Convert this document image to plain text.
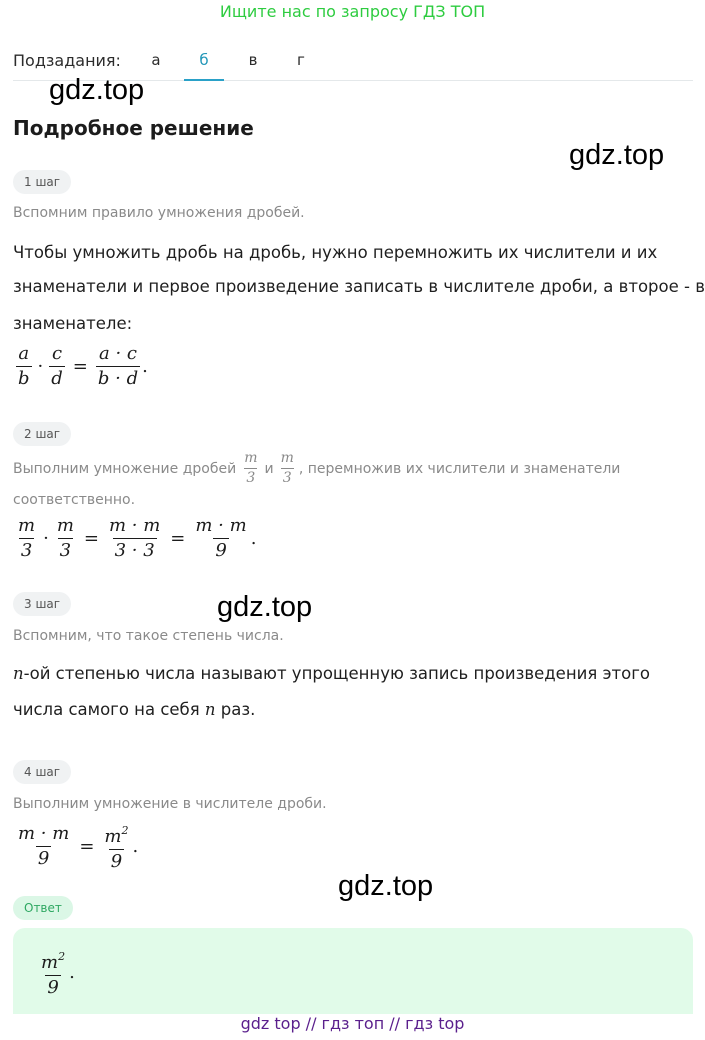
Ищите нас по запросу ГДЗ ТОП
Подзадания:	а	б	в	г
gdz.top
gdz.top
gdz.top
gdz.top
Подробное решение
1 шаг
Вспомним правило умножения дробей.
Чтобы умножить дробь на дробь, нужно перемножить их числители и их
знаменатели и первое произведение записать в числителе дроби, а второе - в
знаменателе:
$\frac{a}{b} \cdot \frac{c}{d} = \frac{a \cdot c}{b \cdot d}$ .
2 шаг
Выполним умножение дробей $\frac{m}{3}$ и $\frac{m}{3}$ , перемножив их числители и знаменатели
соответственно.
$\frac{m}{3} \cdot \frac{m}{3} = \frac{m \cdot m}{3 \cdot 3} = \frac{m \cdot m}{9}$ .
3 шаг
Вспомним, что такое степень числа.
n-ой степенью числа называют упрощенную запись произведения этого
числа самого на себя n раз.
4 шаг
Выполним умножение в числителе дроби.
$\frac{m \cdot m}{9} = \frac{m^2}{9}$ .
Ответ
$\frac{m^2}{9}$ .
gdz top // гдз топ // гдз top
